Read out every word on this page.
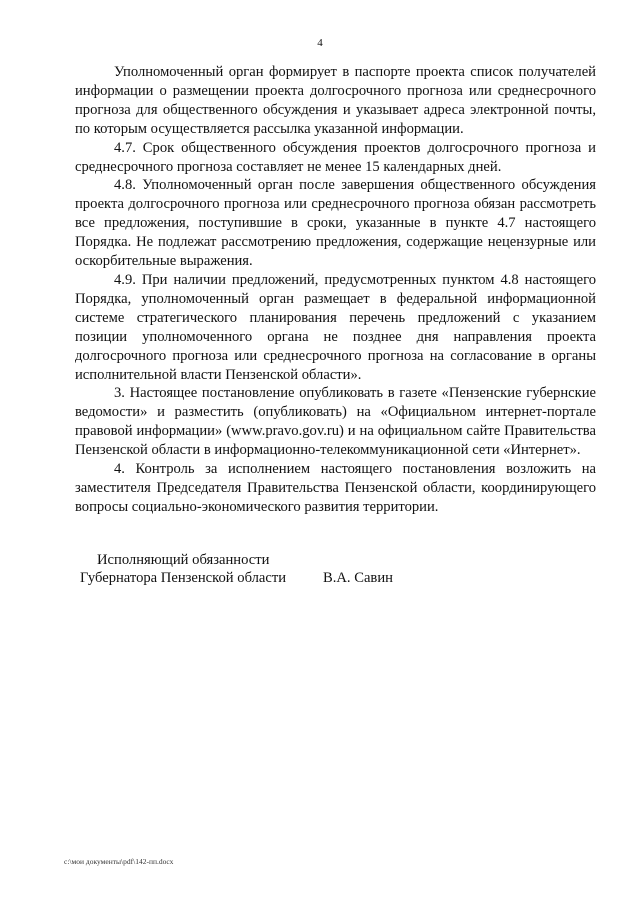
4

Уполномоченный орган формирует в паспорте проекта список получателей информации о размещении проекта долгосрочного прогноза или среднесрочного прогноза для общественного обсуждения и указывает адреса электронной почты, по которым осуществляется рассылка указанной информации.

4.7. Срок общественного обсуждения проектов долгосрочного прогноза и среднесрочного прогноза составляет не менее 15 календарных дней.

4.8. Уполномоченный орган после завершения общественного обсуждения проекта долгосрочного прогноза или среднесрочного прогноза обязан рассмотреть все предложения, поступившие в сроки, указанные в пункте 4.7 настоящего Порядка. Не подлежат рассмотрению предложения, содержащие нецензурные или оскорбительные выражения.

4.9. При наличии предложений, предусмотренных пунктом 4.8 настоящего Порядка, уполномоченный орган размещает в федеральной информационной системе стратегического планирования перечень предложений с указанием позиции уполномоченного органа не позднее дня направления проекта долгосрочного прогноза или среднесрочного прогноза на согласование в органы исполнительной власти Пензенской области».

3. Настоящее постановление опубликовать в газете «Пензенские губернские ведомости» и разместить (опубликовать) на «Официальном интернет-портале правовой информации» (www.pravo.gov.ru) и на официальном сайте Правительства Пензенской области в информационно-телекоммуникационной сети «Интернет».

4. Контроль за исполнением настоящего постановления возложить на заместителя Председателя Правительства Пензенской области, координирующего вопросы социально-экономического развития территории.

Исполняющий обязанности
Губернатора Пензенской области	В.А. Савин
c:\мои документы\pdf\142-пп.docx
